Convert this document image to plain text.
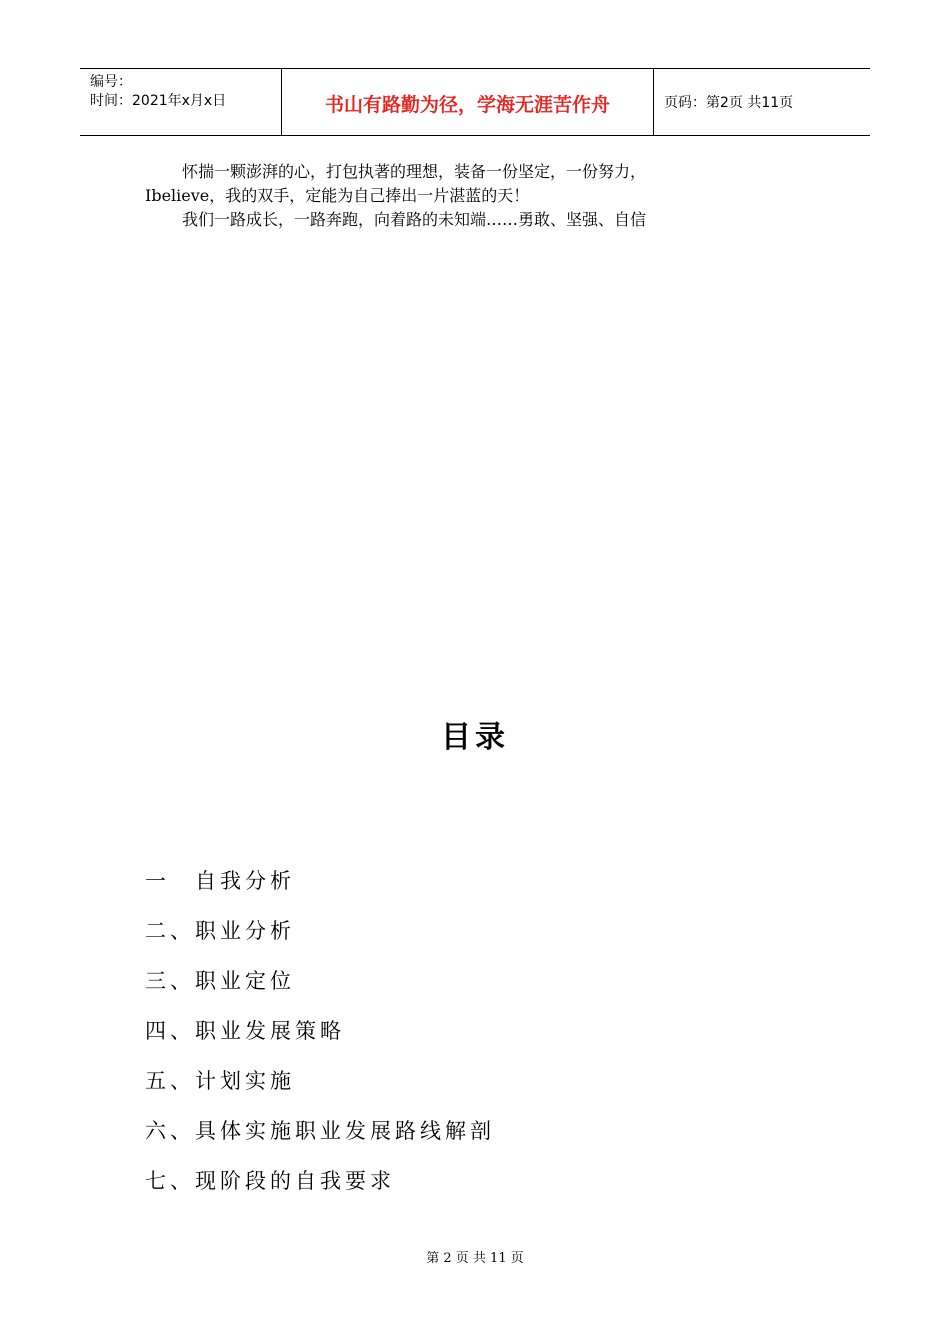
编号：
时间：2021年x月x日	书山有路勤为径，学海无涯苦作舟	页码：第2页 共11页

怀揣一颗澎湃的心，打包执著的理想，装备一份坚定，一份努力，

Ibelieve，我的双手，定能为自己捧出一片湛蓝的天！

我们一路成长，一路奔跑，向着路的未知端……勇敢、坚强、自信

目录
一　自我分析
二、职业分析
三、职业定位
四、职业发展策略
五、计划实施
六、具体实施职业发展路线解剖
七、现阶段的自我要求
第 2 页 共 11 页
